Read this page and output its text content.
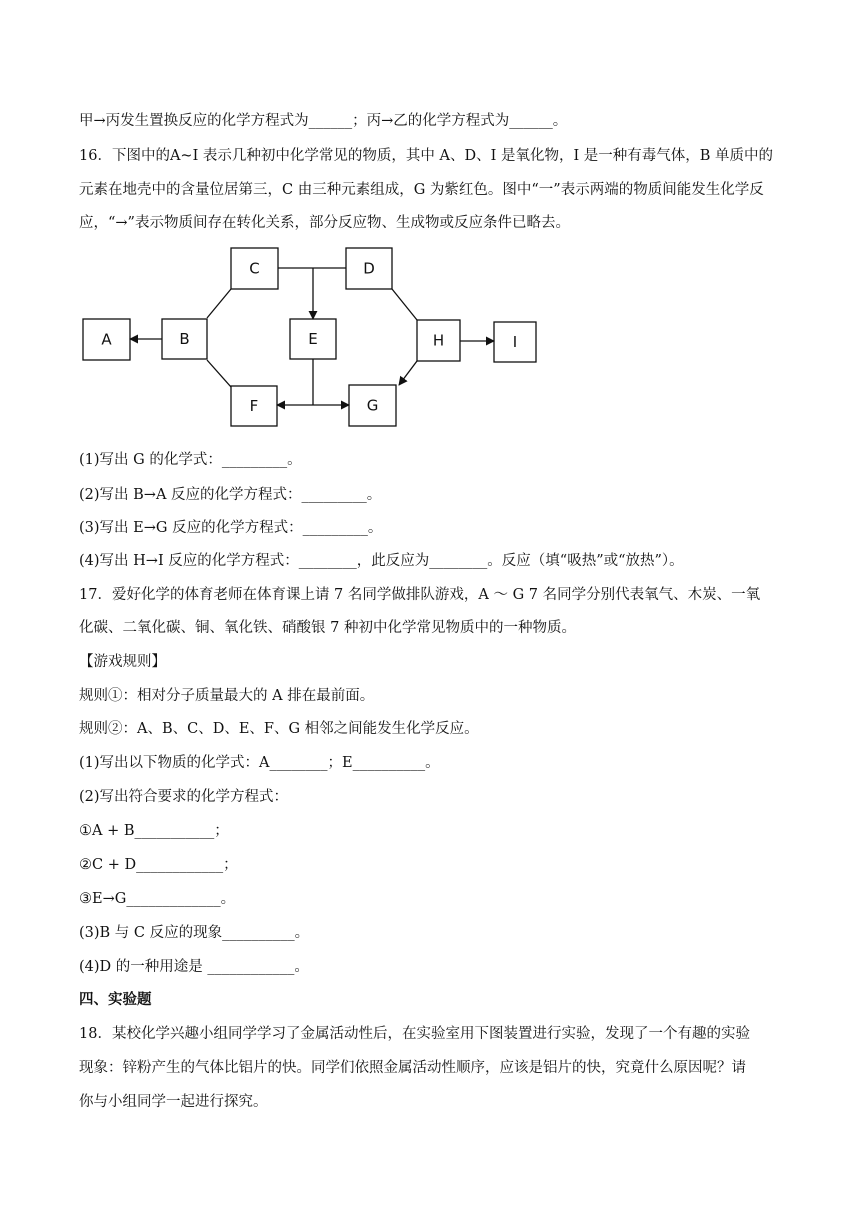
甲→丙发生置换反应的化学方程式为______；丙→乙的化学方程式为______。
16．下图中的A~I 表示几种初中化学常见的物质，其中 A、D、I 是氧化物，I 是一种有毒气体，B 单质中的
元素在地壳中的含量位居第三，C 由三种元素组成，G 为紫红色。图中“一”表示两端的物质间能发生化学反
应，“→”表示物质间存在转化关系，部分反应物、生成物或反应条件已略去。
C	D
A	B	E	H	I
F	G
(1)写出 G 的化学式：_________。
(2)写出 B→A 反应的化学方程式：_________。
(3)写出 E→G 反应的化学方程式：_________。
(4)写出 H→I 反应的化学方程式：________，此反应为________。反应（填“吸热”或“放热”）。
17．爱好化学的体育老师在体育课上请 7 名同学做排队游戏，A ～ G 7 名同学分别代表氧气、木炭、一氧
化碳、二氧化碳、铜、氧化铁、硝酸银 7 种初中化学常见物质中的一种物质。
【游戏规则】
规则①：相对分子质量最大的 A 排在最前面。
规则②：A、B、C、D、E、F、G 相邻之间能发生化学反应。
(1)写出以下物质的化学式：A________；E__________。
(2)写出符合要求的化学方程式：
①A + B___________；
②C + D____________；
③E→G_____________。
(3)B 与 C 反应的现象__________。
(4)D 的一种用途是 ____________。
四、实验题
18．某校化学兴趣小组同学学习了金属活动性后，在实验室用下图装置进行实验，发现了一个有趣的实验
现象：锌粉产生的气体比铝片的快。同学们依照金属活动性顺序，应该是铝片的快，究竟什么原因呢？请
你与小组同学一起进行探究。
